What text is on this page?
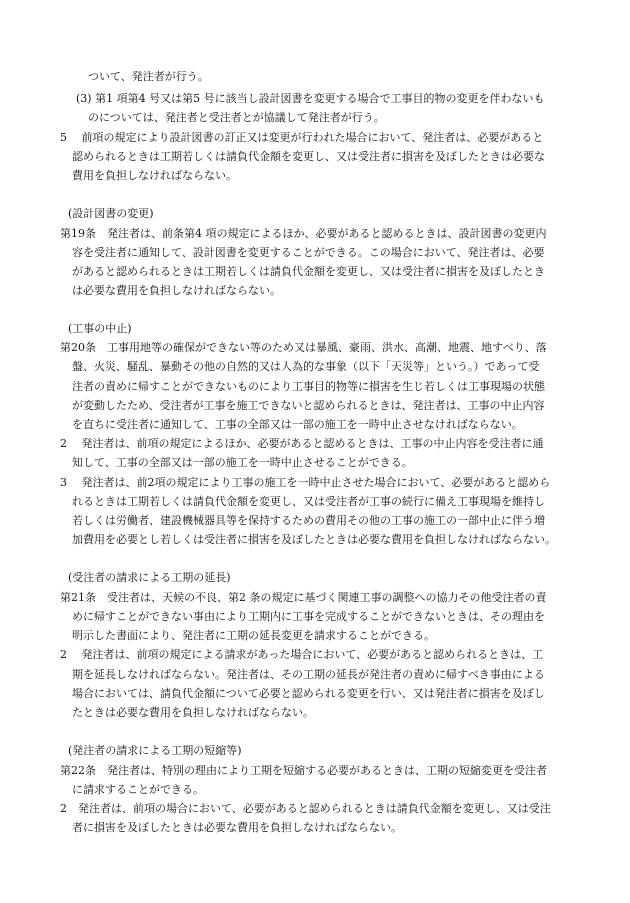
ついて、発注者が行う。
(3) 第1 項第4 号又は第5 号に該当し設計図書を変更する場合で工事目的物の変更を伴わないも
のについては、発注者と受注者とが協議して発注者が行う。
5　 前項の規定により設計図書の訂正又は変更が行われた場合において、発注者は、必要があると
認められるときは工期若しくは請負代金額を変更し、又は受注者に損害を及ぼしたときは必要な
費用を負担しなければならない。
(設計図書の変更)
第19条　発注者は、前条第4 項の規定によるほか、必要があると認めるときは、設計図書の変更内
容を受注者に通知して、設計図書を変更することができる。この場合において、発注者は、必要
があると認められるときは工期若しくは請負代金額を変更し、又は受注者に損害を及ぼしたとき
は必要な費用を負担しなければならない。
(工事の中止)
第20条　工事用地等の確保ができない等のため又は暴風、豪雨、洪水、高潮、地震、地すべり、落
盤、火災、騒乱、暴動その他の自然的又は人為的な事象（以下「天災等」という。）であって受
注者の責めに帰すことができないものにより工事目的物等に損害を生じ若しくは工事現場の状態
が変動したため、受注者が工事を施工できないと認められるときは、発注者は、工事の中止内容
を直ちに受注者に通知して、工事の全部又は一部の施工を一時中止させなければならない。
2　 発注者は、前項の規定によるほか、必要があると認めるときは、工事の中止内容を受注者に通
知して、工事の全部又は一部の施工を一時中止させることができる。
3　 発注者は、前2項の規定により工事の施工を一時中止させた場合において、必要があると認めら
れるときは工期若しくは請負代金額を変更し、又は受注者が工事の続行に備え工事現場を維持し
若しくは労働者、建設機械器具等を保持するための費用その他の工事の施工の一部中止に伴う増
加費用を必要とし若しくは受注者に損害を及ぼしたときは必要な費用を負担しなければならない。
(受注者の請求による工期の延長)
第21条　受注者は、天候の不良、第2 条の規定に基づく関連工事の調整への協力その他受注者の責
めに帰すことができない事由により工期内に工事を完成することができないときは、その理由を
明示した書面により、発注者に工期の延長変更を請求することができる。
2　 発注者は、前項の規定による請求があった場合において、必要があると認められるときは、工
期を延長しなければならない。発注者は、その工期の延長が発注者の責めに帰すべき事由による
場合においては、請負代金額について必要と認められる変更を行い、又は発注者に損害を及ぼし
たときは必要な費用を負担しなければならない。
(発注者の請求による工期の短縮等)
第22条　発注者は、特別の理由により工期を短縮する必要があるときは、工期の短縮変更を受注者
に請求することができる。
2　発注者は、前項の場合において、必要があると認められるときは請負代金額を変更し、又は受注
者に損害を及ぼしたときは必要な費用を負担しなければならない。
